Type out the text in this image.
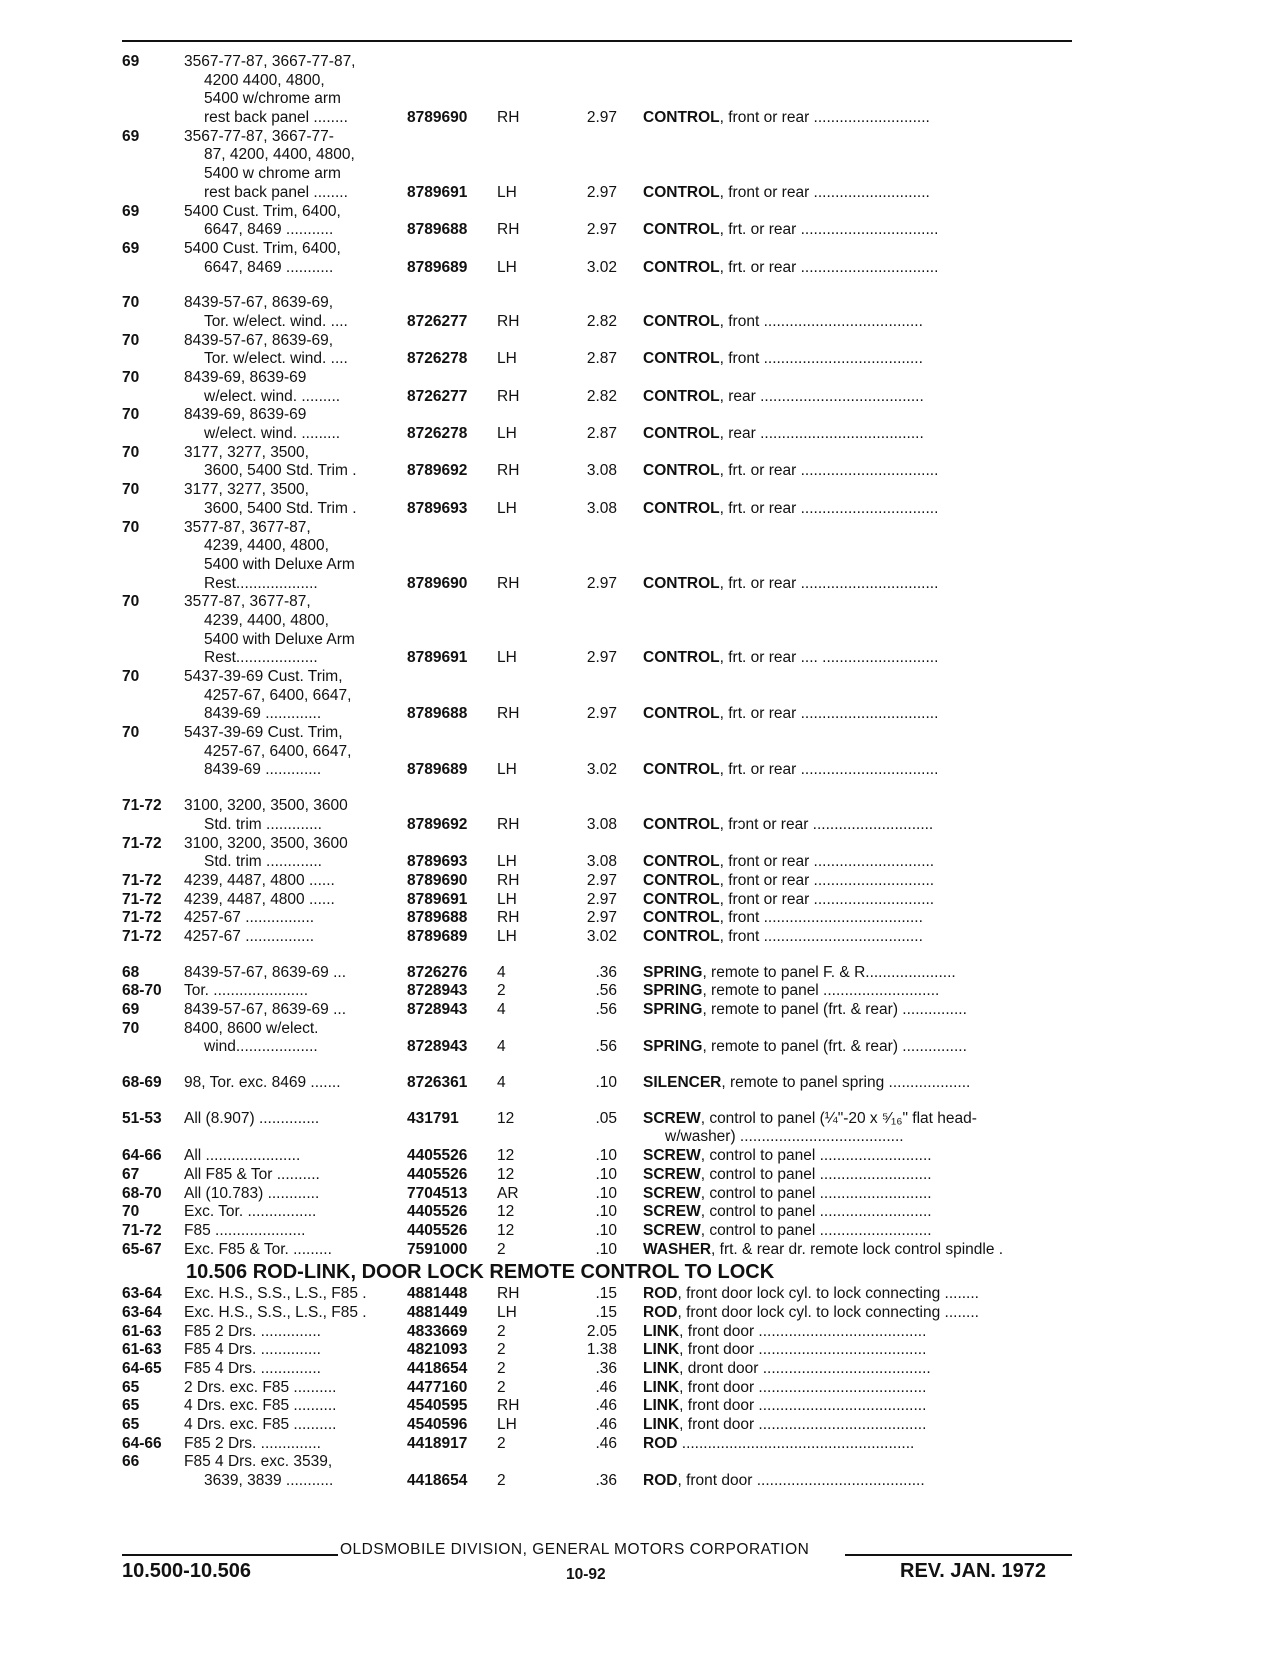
69	3567-77-87, 3667-77-87,
4200 4400, 4800,
5400 w/chrome arm
rest back panel ........	8789690 RH	2.97 CONTROL, front or rear ...........................
69	3567-77-87, 3667-77-
87, 4200, 4400, 4800,
5400 w chrome arm
rest back panel ........	8789691 LH	2.97 CONTROL, front or rear ...........................
69	5400 Cust. Trim, 6400,
6647, 8469 ...........	8789688 RH	2.97 CONTROL, frt. or rear ................................
69	5400 Cust. Trim, 6400,
6647, 8469 ...........	8789689 LH	3.02 CONTROL, frt. or rear ................................
70	8439-57-67, 8639-69,
Tor. w/elect. wind. ....	8726277 RH	2.82 CONTROL, front .....................................
70	8439-57-67, 8639-69,
Tor. w/elect. wind. ....	8726278 LH	2.87 CONTROL, front .....................................
70	8439-69, 8639-69
w/elect. wind. .........	8726277 RH	2.82 CONTROL, rear ......................................
70	8439-69, 8639-69
w/elect. wind. .........	8726278 LH	2.87 CONTROL, rear ......................................
70	3177, 3277, 3500,
3600, 5400 Std. Trim .	8789692 RH	3.08 CONTROL, frt. or rear ................................
70	3177, 3277, 3500,
3600, 5400 Std. Trim .	8789693 LH	3.08 CONTROL, frt. or rear ................................
70	3577-87, 3677-87,
4239, 4400, 4800,
5400 with Deluxe Arm
Rest...................	8789690 RH	2.97 CONTROL, frt. or rear ................................
70	3577-87, 3677-87,
4239, 4400, 4800,
5400 with Deluxe Arm
Rest...................	8789691 LH	2.97 CONTROL, frt. or rear .... ...........................
70	5437-39-69 Cust. Trim,
4257-67, 6400, 6647,
8439-69 .............	8789688 RH	2.97 CONTROL, frt. or rear ................................
70	5437-39-69 Cust. Trim,
4257-67, 6400, 6647,
8439-69 .............	8789689 LH	3.02 CONTROL, frt. or rear ................................
71-72 3100, 3200, 3500, 3600
Std. trim .............	8789692 RH	3.08 CONTROL, frɔnt or rear ............................
71-72 3100, 3200, 3500, 3600
Std. trim .............	8789693 LH	3.08 CONTROL, front or rear ............................
71-72 4239, 4487, 4800 ......	8789690 RH	2.97 CONTROL, front or rear ............................
71-72 4239, 4487, 4800 ......	8789691 LH	2.97 CONTROL, front or rear ............................
71-72 4257-67 ................	8789688 RH	2.97 CONTROL, front .....................................
71-72 4257-67 ................	8789689 LH	3.02 CONTROL, front .....................................
68	8439-57-67, 8639-69 ...	8726276 4	.36 SPRING, remote to panel F. & R.....................
68-70 Tor. ......................	8728943 2	.56 SPRING, remote to panel ...........................
69	8439-57-67, 8639-69 ...	8728943 4	.56 SPRING, remote to panel (frt. & rear) ...............
70	8400, 8600 w/elect.
wind...................	8728943 4	.56 SPRING, remote to panel (frt. & rear) ...............
68-69 98, Tor. exc. 8469 .......	8726361 4	.10 SILENCER, remote to panel spring ...................
51-53 All (8.907) ..............	431791 12	.05 SCREW, control to panel (¼"-20 x ⁵⁄₁₆" flat head-
w/washer) ......................................
64-66 All ......................	4405526 12	.10 SCREW, control to panel ..........................
67	All F85 & Tor ..........	4405526 12	.10 SCREW, control to panel ..........................
68-70 All (10.783) ............	7704513 AR	.10 SCREW, control to panel ..........................
70	Exc. Tor. ................	4405526 12	.10 SCREW, control to panel ..........................
71-72 F85 .....................	4405526 12	.10 SCREW, control to panel ..........................
65-67 Exc. F85 & Tor. .........	7591000 2	.10 WASHER, frt. & rear dr. remote lock control spindle .
10.506 ROD-LINK, DOOR LOCK REMOTE CONTROL TO LOCK
63-64 Exc. H.S., S.S., L.S., F85 .	4881448 RH	.15 ROD, front door lock cyl. to lock connecting ........
63-64 Exc. H.S., S.S., L.S., F85 .	4881449 LH	.15 ROD, front door lock cyl. to lock connecting ........
61-63 F85 2 Drs. ..............	4833669 2	2.05 LINK, front door .......................................
61-63 F85 4 Drs. ..............	4821093 2	1.38 LINK, front door .......................................
64-65 F85 4 Drs. ..............	4418654 2	.36 LINK, dront door .......................................
65	2 Drs. exc. F85 ..........	4477160 2	.46 LINK, front door .......................................
65	4 Drs. exc. F85 ..........	4540595 RH	.46 LINK, front door .......................................
65	4 Drs. exc. F85 ..........	4540596 LH	.46 LINK, front door .......................................
64-66 F85 2 Drs. ..............	4418917 2	.46 ROD ......................................................
66	F85 4 Drs. exc. 3539,
3639, 3839 ...........	4418654 2	.36 ROD, front door .......................................
OLDSMOBILE DIVISION, GENERAL MOTORS CORPORATION
10.500-10.506	10-92	REV. JAN. 1972
